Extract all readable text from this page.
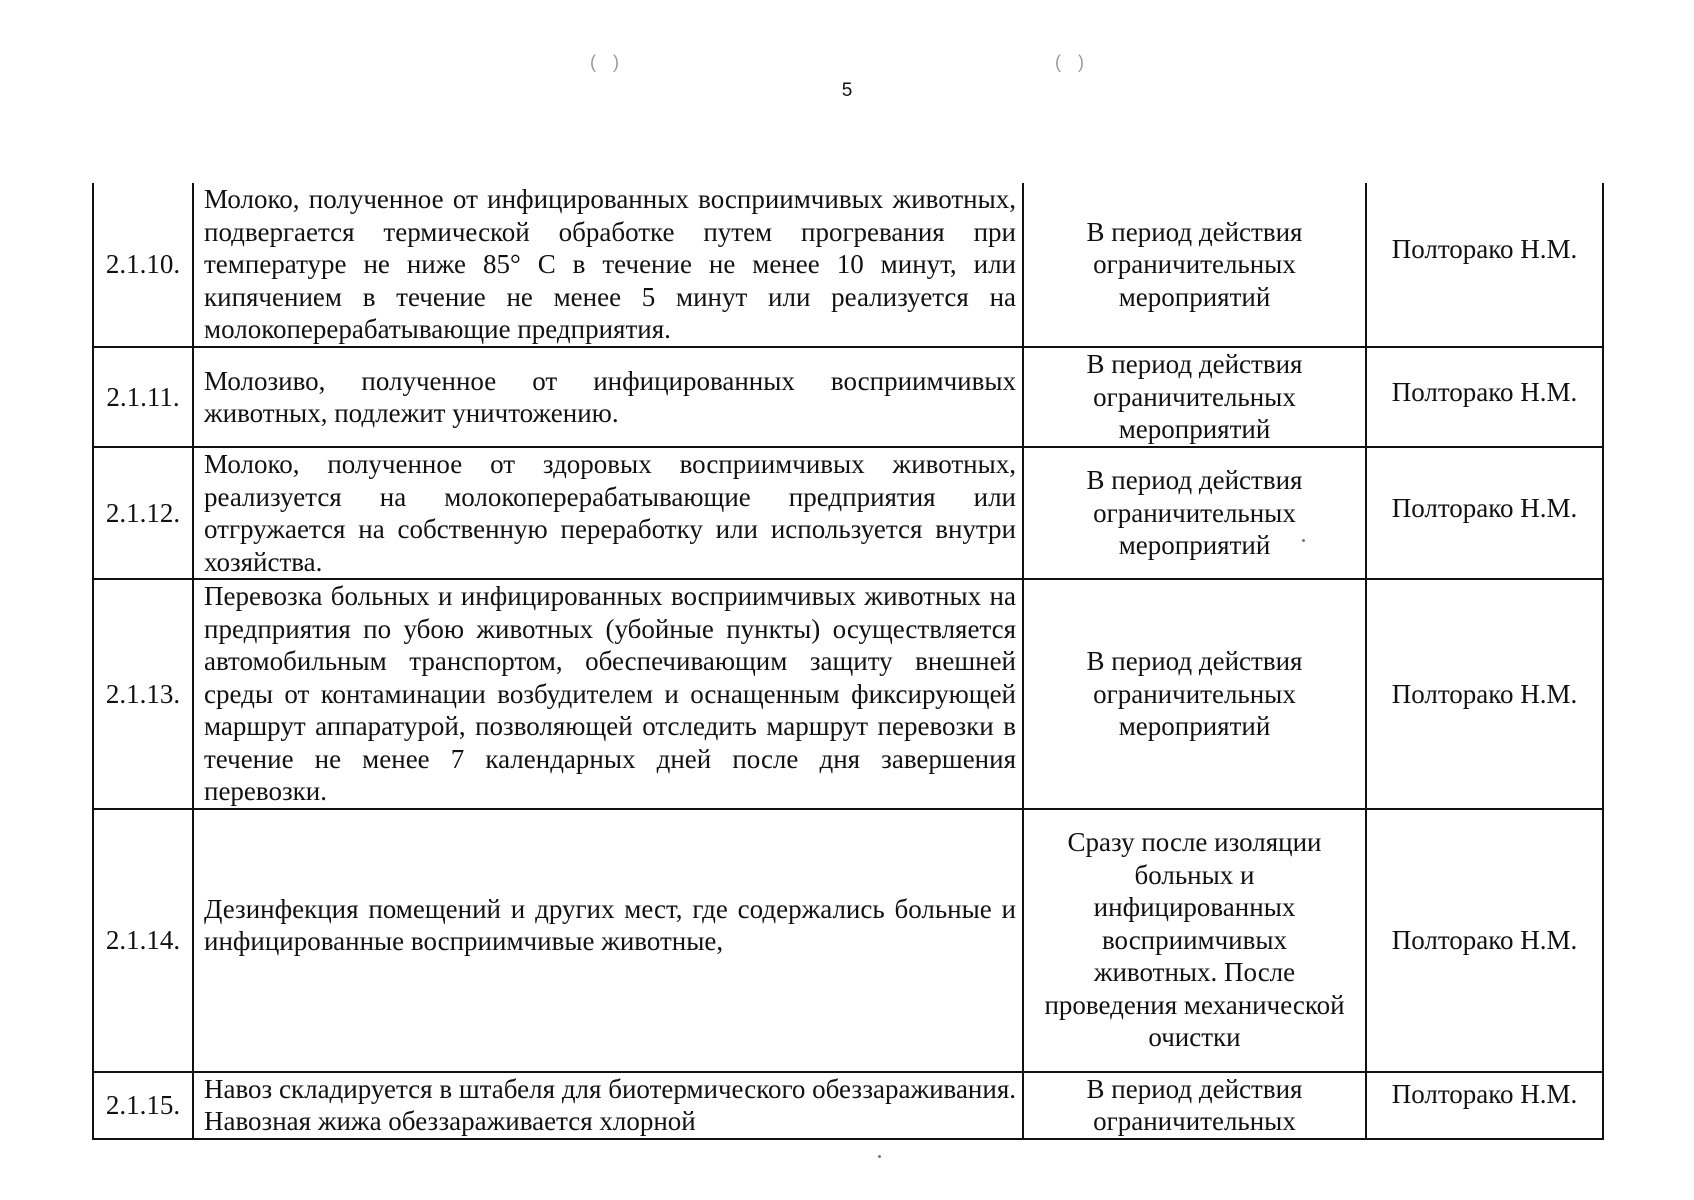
( )	( )
5
2.1.10.	Молоко, полученное от инфицированных восприимчивых животных, подвергается термической обработке путем прогревания при температуре не ниже 85° С в течение не менее 10 минут, или кипячением в течение не менее 5 минут или реализуется на молокоперерабатывающие предприятия.	В период действия ограничительных мероприятий	Полторако Н.М.
2.1.11.	Молозиво, полученное от инфицированных восприимчивых животных, подлежит уничтожению.	В период действия ограничительных мероприятий	Полторако Н.М.
2.1.12.	Молоко, полученное от здоровых восприимчивых животных, реализуется на молокоперерабатывающие предприятия или отгружается на собственную переработку или используется внутри хозяйства.	В период действия ограничительных мероприятий	Полторако Н.М.
2.1.13.	Перевозка больных и инфицированных восприимчивых животных на предприятия по убою животных (убойные пункты) осуществляется автомобильным транспортом, обеспечивающим защиту внешней среды от контаминации возбудителем и оснащенным фиксирующей маршрут аппаратурой, позволяющей отследить маршрут перевозки в течение не менее 7 календарных дней после дня завершения перевозки.	В период действия ограничительных мероприятий	Полторако Н.М.
2.1.14.	Дезинфекция помещений и других мест, где содержались больные и инфицированные восприимчивые животные,	Сразу после изоляции больных и инфицированных восприимчивых животных. После проведения механической очистки	Полторако Н.М.
2.1.15.	Навоз складируется в штабеля для биотермического обеззараживания. Навозная жижа обеззараживается хлорной	В период действия ограничительных	Полторако Н.М.
